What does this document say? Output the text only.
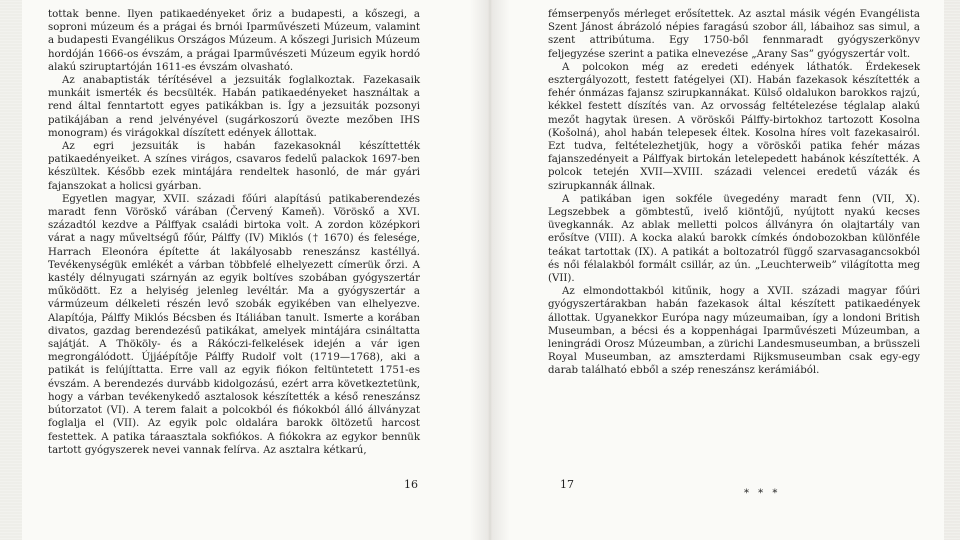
tottak benne. Ilyen patikaedényeket őriz a budapesti, a kőszegi, a soproni múzeum és a prágai és brnói Iparművészeti Múzeum, valamint a budapesti Evangélikus Országos Múzeum. A kőszegi Jurisich Múzeum hordóján 1666-os évszám, a prágai Iparművészeti Múzeum egyik hordó alakú sziruptartóján 1611-es évszám olvasható.

Az anabaptisták térítésével a jezsuiták foglalkoztak. Fazekasaik munkáit ismerték és becsülték. Habán patikaedényeket használtak a rend által fenntartott egyes patikákban is. Így a jezsuiták pozsonyi patikájában a rend jelvényével (sugárkoszorú övezte mezőben IHS monogram) és virágokkal díszített edények állottak.

Az egri jezsuiták is habán fazekasoknál készíttették patikaedényeiket. A színes virágos, csavaros fedelű palackok 1697-ben készültek. Később ezek mintájára rendeltek hasonló, de már gyári fajanszokat a holicsi gyárban.

Egyetlen magyar, XVII. századi főúri alapítású patikaberendezés maradt fenn Vöröskő várában (Červený Kameň). Vöröskő a XVI. századtól kezdve a Pálffyak családi birtoka volt. A zordon középkori várat a nagy műveltségű főúr, Pálffy (IV) Miklós († 1670) és felesége, Harrach Eleonóra építette át lakályosabb reneszánsz kastéllyá. Tevékenységük emlékét a várban többfelé elhelyezett címerük őrzi. A kastély délnyugati szárnyán az egyik boltíves szobában gyógyszertár működött. Ez a helyiség jelenleg levéltár. Ma a gyógyszertár a vármúzeum délkeleti részén levő szobák egyikében van elhelyezve. Alapítója, Pálffy Miklós Bécsben és Itáliában tanult. Ismerte a korában divatos, gazdag berendezésű patikákat, amelyek mintájára csináltatta sajátját. A Thököly- és a Rákóczi-felkelések idején a vár igen megrongálódott. Újjáépítője Pálffy Rudolf volt (1719—1768), aki a patikát is felújíttatta. Erre vall az egyik fiókon feltüntetett 1751-es évszám. A berendezés durvább kidolgozású, ezért arra következtetünk, hogy a várban tevékenykedő asztalosok készítették a késő reneszánsz bútorzatot (VI). A terem falait a polcokból és fiókokból álló állványzat foglalja el (VII). Az egyik polc oldalára barokk öltözetű harcost festettek. A patika táraasztala sokfiókos. A fiókokra az egykor bennük tartott gyógyszerek nevei vannak felírva. Az asztalra kétkarú,

16

fémserpenyős mérleget erősítettek. Az asztal másik végén Evangélista Szent Jánost ábrázoló népies faragású szobor áll, lábaihoz sas simul, a szent attribútuma. Egy 1750-ből fennmaradt gyógyszerkönyv feljegyzése szerint a patika elnevezése „Arany Sas” gyógyszertár volt.

A polcokon még az eredeti edények láthatók. Érdekesek esztergályozott, festett fatégelyei (XI). Habán fazekasok készítették a fehér ónmázas fajansz szirupkannákat. Külső oldalukon barokkos rajzú, kékkel festett díszítés van. Az orvosság feltételezése téglalap alakú mezőt hagytak üresen. A vöröskői Pálffy-birtokhoz tartozott Kosolna (Košolná), ahol habán telepesek éltek. Kosolna híres volt fazekasairól. Ezt tudva, feltételezhetjük, hogy a vöröskői patika fehér mázas fajanszedényeit a Pálffyak birtokán letelepedett habánok készítették. A polcok tetején XVII—XVIII. századi velencei eredetű vázák és szirupkannák állnak.

A patikában igen sokféle üvegedény maradt fenn (VII, X). Legszebbek a gömbtestű, ivelő kiöntőjű, nyújtott nyakú kecses üvegkannák. Az ablak melletti polcos állványra ón olajtartály van erősítve (VIII). A kocka alakú barokk címkés óndobozokban különféle teákat tartottak (IX). A patikát a boltozatról függő szarvasagancsokból és női félalakból formált csillár, az ún. „Leuchterweib” világította meg (VII).

Az elmondottakból kitűnik, hogy a XVII. századi magyar főúri gyógyszertárakban habán fazekasok által készített patikaedények állottak. Ugyanekkor Európa nagy múzeumaiban, így a londoni British Museumban, a bécsi és a koppenhágai Iparművészeti Múzeumban, a leningrádi Orosz Múzeumban, a zürichi Landesmuseumban, a brüsszeli Royal Museumban, az amszterdami Rijksmuseumban csak egy-egy darab található ebből a szép reneszánsz kerámiából.

17
* * *
